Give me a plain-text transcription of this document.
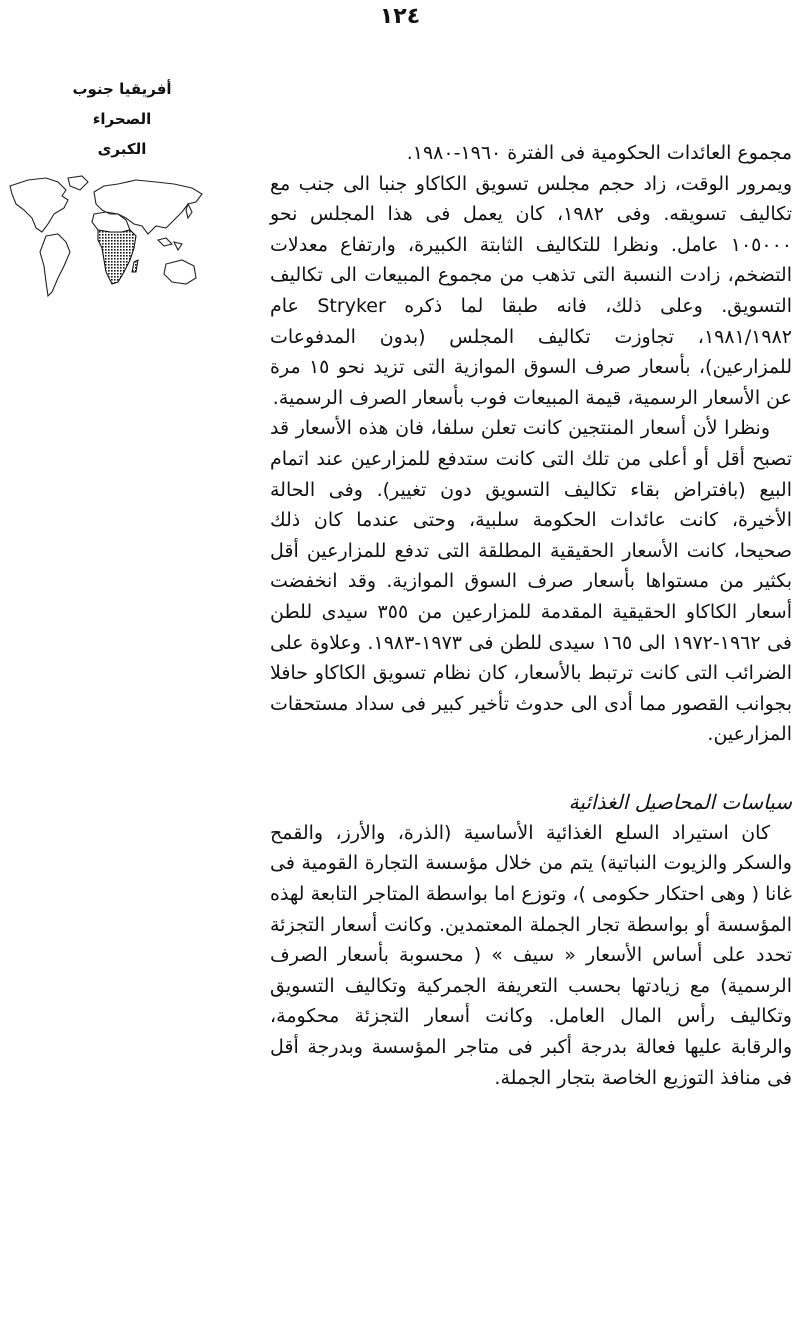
١٢٤
أفريقيا جنوب الصحراء
الكبرى	مجموع العائدات الحكومية فى الفترة ١٩٦٠-١٩٨٠.

ويمرور الوقت، زاد حجم مجلس تسويق الكاكاو جنبا الى جنب مع تكاليف تسويقه. وفى ١٩٨٢، كان يعمل فى هذا المجلس نحو ١٠٥٠٠٠ عامل. ونظرا للتكاليف الثابتة الكبيرة، وارتفاع معدلات التضخم، زادت النسبة التى تذهب من مجموع المبيعات الى تكاليف التسويق. وعلى ذلك، فانه طبقا لما ذكره Stryker عام ١٩٨١/١٩٨٢، تجاوزت تكاليف المجلس (بدون المدفوعات للمزارعين)، بأسعار صرف السوق الموازية التى تزيد نحو ١٥ مرة عن الأسعار الرسمية، قيمة المبيعات فوب بأسعار الصرف الرسمية.

ونظرا لأن أسعار المنتجين كانت تعلن سلفا، فان هذه الأسعار قد تصبح أقل أو أعلى من تلك التى كانت ستدفع للمزارعين عند اتمام البيع (بافتراض بقاء تكاليف التسويق دون تغيير). وفى الحالة الأخيرة، كانت عائدات الحكومة سلبية، وحتى عندما كان ذلك صحيحا، كانت الأسعار الحقيقية المطلقة التى تدفع للمزارعين أقل بكثير من مستواها بأسعار صرف السوق الموازية. وقد انخفضت أسعار الكاكاو الحقيقية المقدمة للمزارعين من ٣٥٥ سيدى للطن فى ١٩٦٢-١٩٧٢ الى ١٦٥ سيدى للطن فى ١٩٧٣-١٩٨٣. وعلاوة على الضرائب التى كانت ترتبط بالأسعار، كان نظام تسويق الكاكاو حافلا بجوانب القصور مما أدى الى حدوث تأخير كبير فى سداد مستحقات المزارعين.

سياسات المحاصيل الغذائية

كان استيراد السلع الغذائية الأساسية (الذرة، والأرز، والقمح والسكر والزيوت النباتية) يتم من خلال مؤسسة التجارة القومية فى غانا ( وهى احتكار حكومى )، وتوزع اما بواسطة المتاجر التابعة لهذه المؤسسة أو بواسطة تجار الجملة المعتمدين. وكانت أسعار التجزئة تحدد على أساس الأسعار « سيف » ( محسوبة بأسعار الصرف الرسمية) مع زيادتها بحسب التعريفة الجمركية وتكاليف التسويق وتكاليف رأس المال العامل. وكانت أسعار التجزئة محكومة، والرقابة عليها فعالة بدرجة أكبر فى متاجر المؤسسة وبدرجة أقل فى منافذ التوزيع الخاصة بتجار الجملة.
